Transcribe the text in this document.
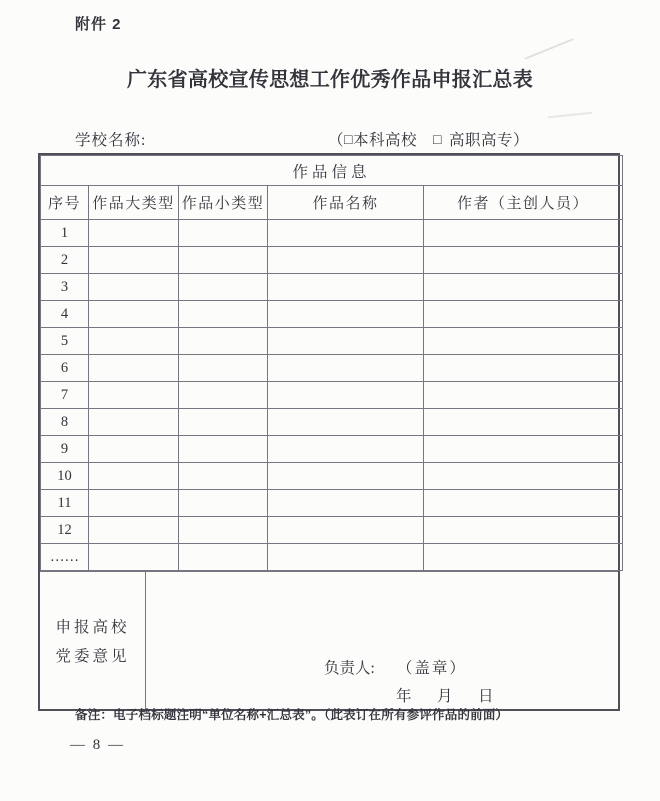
附件 2
广东省高校宣传思想工作优秀作品申报汇总表
学校名称:	（□本科高校 □ 高职高专）
作品信息				
序号	作品大类型	作品小类型	作品名称	作者（主创人员）
1				
2				
3				
4				
5				
6				
7				
8				
9				
10				
11				
12				
……				
申报高校
党委意见
负责人: （盖章）
年　月　日
备注：电子档标题注明“单位名称+汇总表”。（此表订在所有参评作品的前面）
— 8 —
